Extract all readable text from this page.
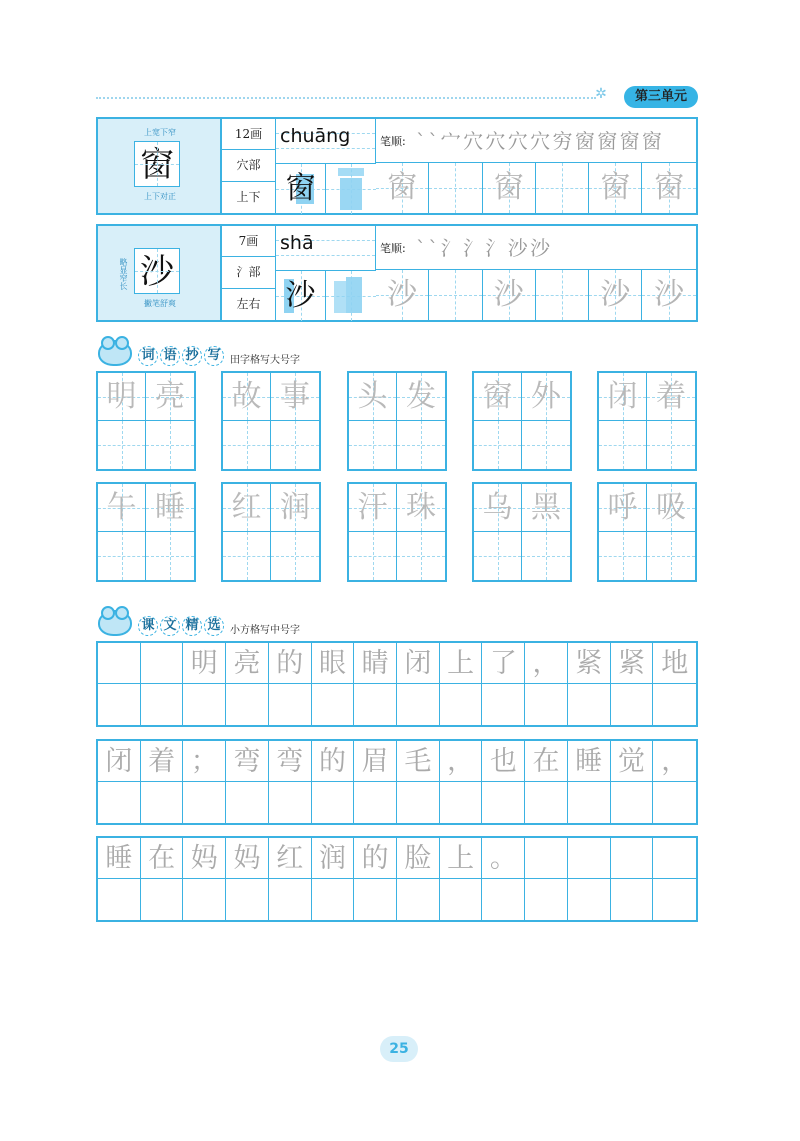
✲	第三单元
上宽下窄
窗
上下对正
12画
穴部
上下
chuāng	笔顺: ` ` 宀 穴 穴 穴 穴 穷 窗 窗 窗 窗
窗	窗	窗	窗 窗
略显窄长 沙
撇笔舒爽
7画
氵部
左右
shā	笔顺: ` ` 氵 氵 氵 沙 沙
沙	沙	沙	沙 沙
词 语 抄 写 田字格写大号字
明 亮	故 事	头 发	窗 外	闭 着
午 睡	红 润	汗 珠	乌 黑	呼 吸
课 文 精 选 小方格写中号字
明 亮 的 眼 睛 闭 上 了 ， 紧 紧 地
闭 着 ； 弯 弯 的 眉 毛 ， 也 在 睡 觉 ，
睡 在 妈 妈 红 润 的 脸 上 。
25
